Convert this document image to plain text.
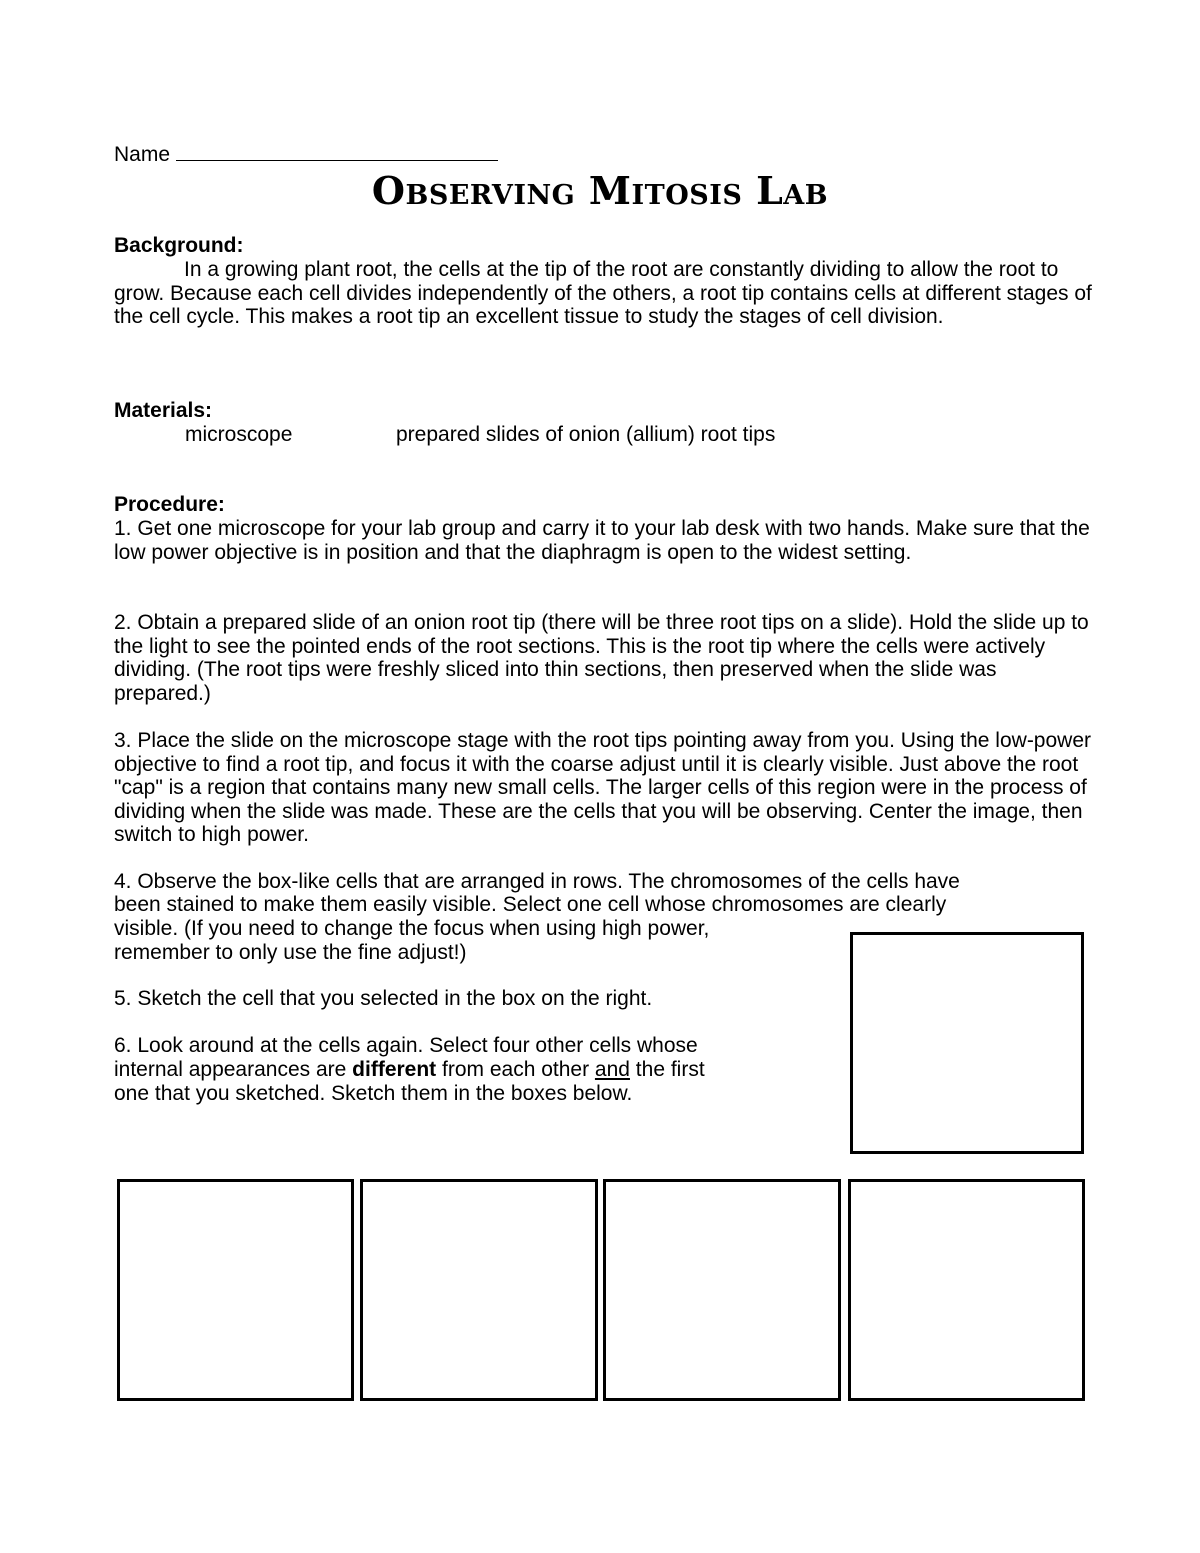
Name
Observing Mitosis Lab
Background:
In a growing plant root, the cells at the tip of the root are constantly dividing to allow the root to grow. Because each cell divides independently of the others, a root tip contains cells at different stages of the cell cycle. This makes a root tip an excellent tissue to study the stages of cell division.
Materials:
microscope	prepared slides of onion (allium) root tips
Procedure:
1. Get one microscope for your lab group and carry it to your lab desk with two hands. Make sure that the low power objective is in position and that the diaphragm is open to the widest setting.
2. Obtain a prepared slide of an onion root tip (there will be three root tips on a slide). Hold the slide up to the light to see the pointed ends of the root sections. This is the root tip where the cells were actively dividing. (The root tips were freshly sliced into thin sections, then preserved when the slide was prepared.)
3. Place the slide on the microscope stage with the root tips pointing away from you. Using the low-power objective to find a root tip, and focus it with the coarse adjust until it is clearly visible. Just above the root "cap" is a region that contains many new small cells. The larger cells of this region were in the process of dividing when the slide was made. These are the cells that you will be observing. Center the image, then switch to high power.
4. Observe the box-like cells that are arranged in rows. The chromosomes of the cells have
been stained to make them easily visible. Select one cell whose chromosomes are clearly
visible. (If you need to change the focus when using high power,
remember to only use the fine adjust!)
5. Sketch the cell that you selected in the box on the right.
6. Look around at the cells again. Select four other cells whose
internal appearances are different from each other and the first
one that you sketched. Sketch them in the boxes below.
